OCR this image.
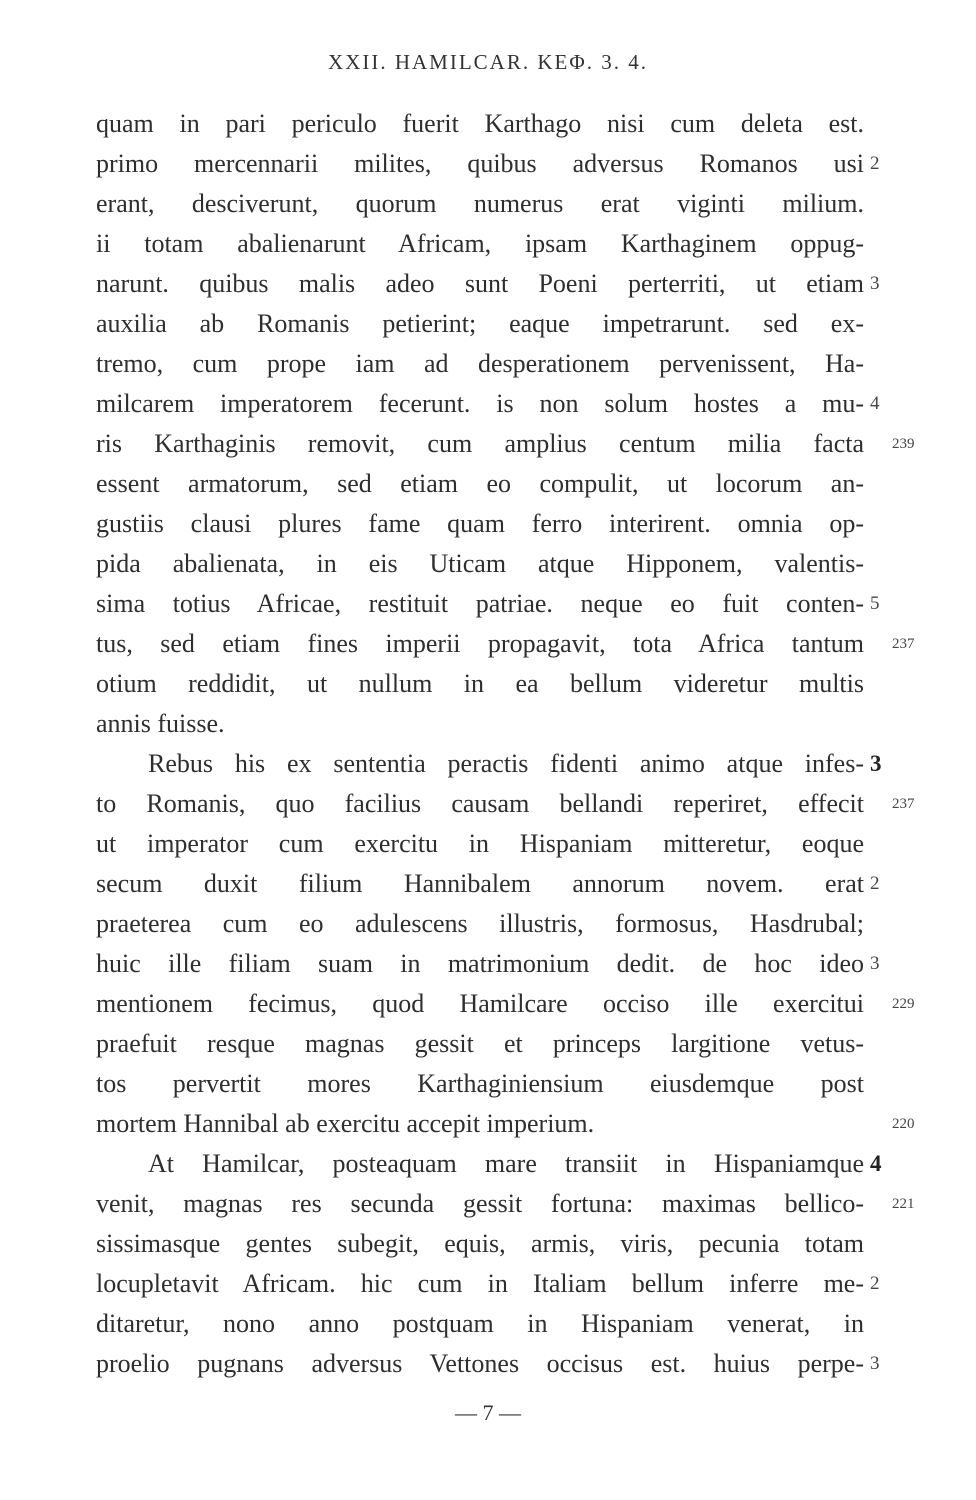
XXII. HAMILCAR. ΚΕΦ. 3. 4.
quam in pari periculo fuerit Karthago nisi cum deleta est.
primo mercennarii milites, quibus adversus Romanos usi
erant, desciverunt, quorum numerus erat viginti milium.
ii totam abalienarunt Africam, ipsam Karthaginem oppug-
narunt. quibus malis adeo sunt Poeni perterriti, ut etiam
auxilia ab Romanis petierint; eaque impetrarunt. sed ex-
tremo, cum prope iam ad desperationem pervenissent, Ha-
milcarem imperatorem fecerunt. is non solum hostes a mu-
ris Karthaginis removit, cum amplius centum milia facta
essent armatorum, sed etiam eo compulit, ut locorum an-
gustiis clausi plures fame quam ferro interirent. omnia op-
pida abalienata, in eis Uticam atque Hipponem, valentis-
sima totius Africae, restituit patriae. neque eo fuit conten-
tus, sed etiam fines imperii propagavit, tota Africa tantum
otium reddidit, ut nullum in ea bellum videretur multis
annis fuisse.
Rebus his ex sententia peractis fidenti animo atque infes-
to Romanis, quo facilius causam bellandi reperiret, effecit
ut imperator cum exercitu in Hispaniam mitteretur, eoque
secum duxit filium Hannibalem annorum novem. erat
praeterea cum eo adulescens illustris, formosus, Hasdrubal;
huic ille filiam suam in matrimonium dedit. de hoc ideo
mentionem fecimus, quod Hamilcare occiso ille exercitui
praefuit resque magnas gessit et princeps largitione vetus-
tos pervertit mores Karthaginiensium eiusdemque post
mortem Hannibal ab exercitu accepit imperium.
At Hamilcar, posteaquam mare transiit in Hispaniamque
venit, magnas res secunda gessit fortuna: maximas bellico-
sissimasque gentes subegit, equis, armis, viris, pecunia totam
locupletavit Africam. hic cum in Italiam bellum inferre me-
ditaretur, nono anno postquam in Hispaniam venerat, in
proelio pugnans adversus Vettones occisus est. huius perpe-
2
3
4
239
5
237
3
237
2
3
229
220
4
221
2
3
— 7 —
